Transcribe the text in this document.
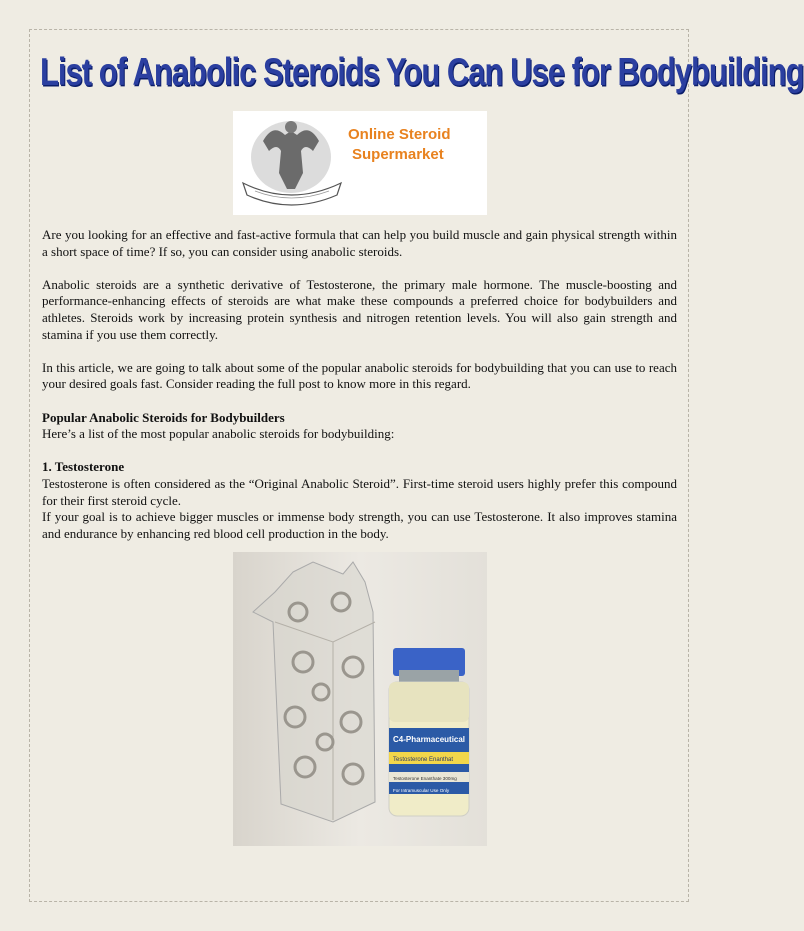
List of Anabolic Steroids You Can Use for Bodybuilding
Online Steroid
Supermarket

Are you looking for an effective and fast-active formula that can help you build muscle and gain physical strength within a short space of time? If so, you can consider using anabolic steroids.

Anabolic steroids are a synthetic derivative of Testosterone, the primary male hormone. The muscle-boosting and performance-enhancing effects of steroids are what make these compounds a preferred choice for bodybuilders and athletes. Steroids work by increasing protein synthesis and nitrogen retention levels. You will also gain strength and stamina if you use them correctly.

In this article, we are going to talk about some of the popular anabolic steroids for bodybuilding that you can use to reach your desired goals fast. Consider reading the full post to know more in this regard.

Popular Anabolic Steroids for Bodybuilders
Here’s a list of the most popular anabolic steroids for bodybuilding:

1. Testosterone
Testosterone is often considered as the “Original Anabolic Steroid”. First-time steroid users highly prefer this compound for their first steroid cycle.
If your goal is to achieve bigger muscles or immense body strength, you can use Testosterone. It also improves stamina and endurance by enhancing red blood cell production in the body.

C4-Pharmaceutical
Testosterone Enanthat
Testosterone Enanthate 300mg
For Intramuscular Use Only
